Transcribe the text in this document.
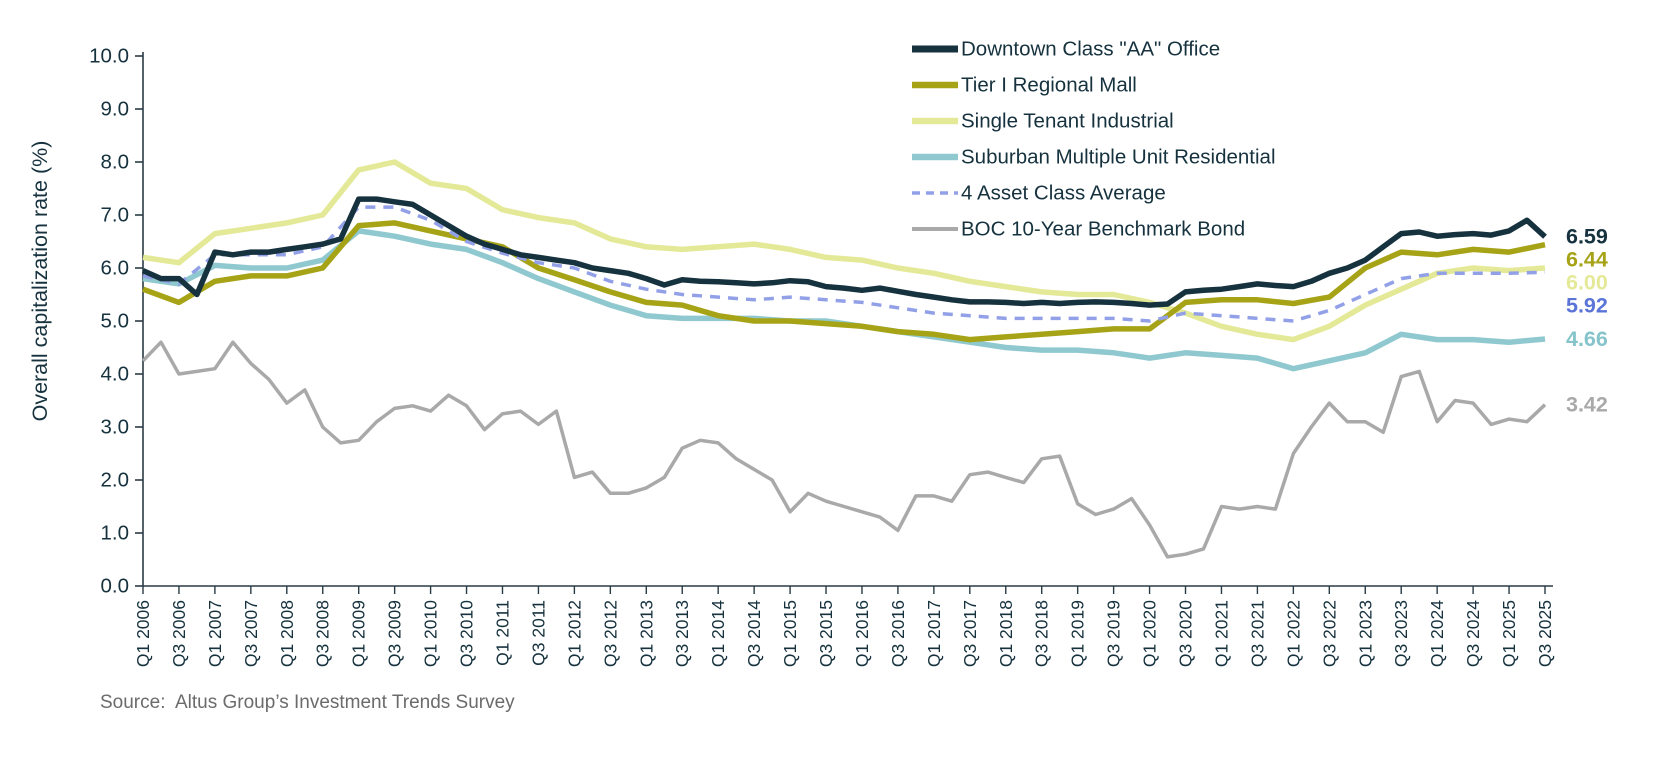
10.0
9.0
8.0
7.0
6.0
5.0
4.0
3.0
2.0
1.0
0.0
Q1 2006 Q3 2006 Q1 2007 Q3 2007 Q1 2008 Q3 2008 Q1 2009 Q3 2009 Q1 2010 Q3 2010 Q1 2011 Q3 2011 Q1 2012 Q3 2012 Q1 2013 Q3 2013 Q1 2014 Q3 2014 Q1 2015 Q3 2015 Q1 2016 Q3 2016 Q1 2017 Q3 2017 Q1 2018 Q3 2018 Q1 2019 Q3 2019 Q1 2020 Q3 2020 Q1 2021 Q3 2021 Q1 2022 Q3 2022 Q1 2023 Q3 2023 Q1 2024 Q3 2024 Q1 2025 Q3 2025
Overall capitalization rate (%)	6.59
6.44
6.00
5.92
4.66
3.42
Downtown Class "AA" Office
Tier I Regional Mall
Single Tenant Industrial
Suburban Multiple Unit Residential
4 Asset Class Average
BOC 10-Year Benchmark Bond
Source:  Altus Group’s Investment Trends Survey
